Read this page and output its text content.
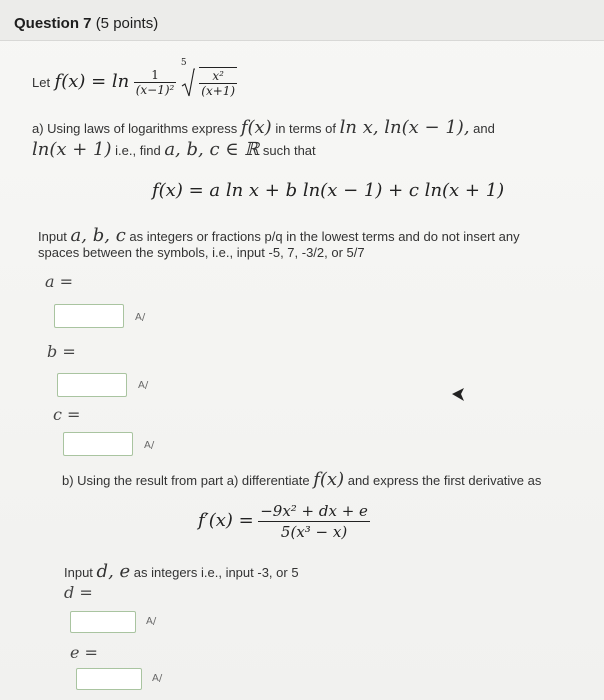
Question 7 (5 points)
Let $f(x) = \ln \frac{1}{\text{(x−1)²}}$

5

$\frac{\text{x²}}{(x+1)}$
a) Using laws of logarithms express f(x) in terms of ln x, ln(x − 1), and
ln(x + 1) i.e., find a, b, c ∈ ℝ such that
f(x) = a ln x + b ln(x − 1) + c ln(x + 1)
Input a, b, c as integers or fractions p/q in the lowest terms and do not insert any
spaces between the symbols, i.e., input -5, 7, -3/2, or 5/7
a =
A/
b =
A/
c =
A/
b) Using the result from part a) differentiate f(x) and express the first derivative as
$f'(x) = \frac{\text{−9x² + dx + e}}{\text{5(x³ − x)}}$
Input d, e as integers i.e., input -3, or 5
d =
A/
e =
A/
